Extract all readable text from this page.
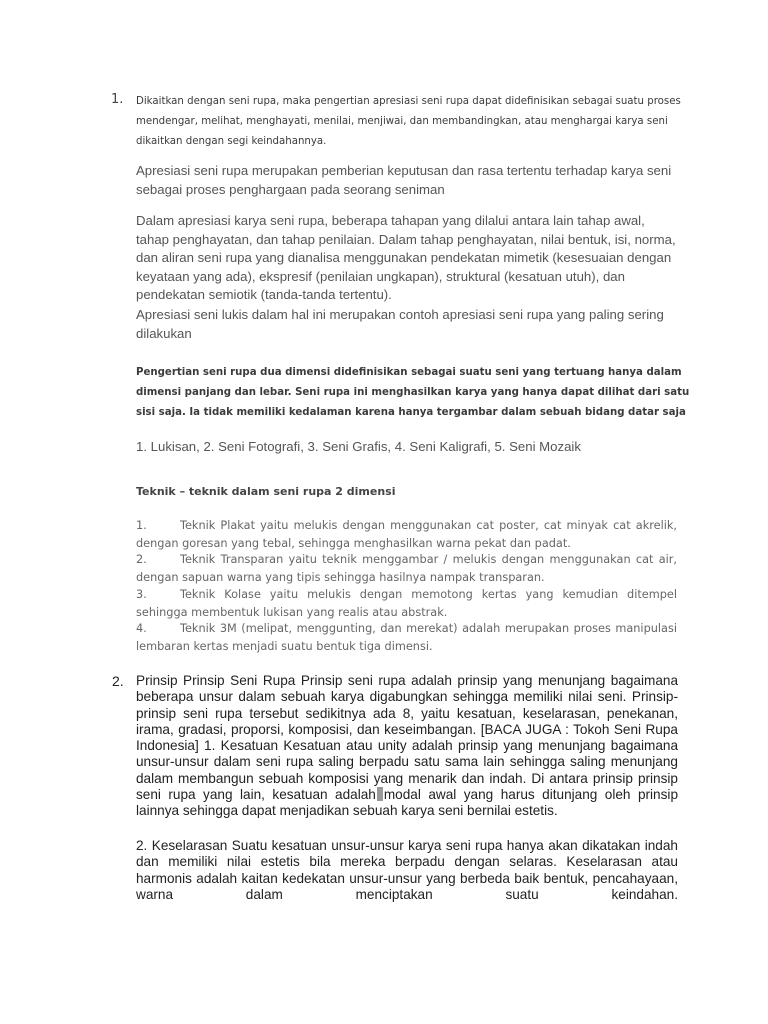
1. Dikaitkan dengan seni rupa, maka pengertian apresiasi seni rupa dapat didefinisikan sebagai suatu proses mendengar, melihat, menghayati, menilai, menjiwai, dan membandingkan, atau menghargai karya seni dikaitkan dengan segi keindahannya.
Apresiasi seni rupa merupakan pemberian keputusan dan rasa tertentu terhadap karya seni sebagai proses penghargaan pada seorang seniman
Dalam apresiasi karya seni rupa, beberapa tahapan yang dilalui antara lain tahap awal, tahap penghayatan, dan tahap penilaian. Dalam tahap penghayatan, nilai bentuk, isi, norma, dan aliran seni rupa yang dianalisa menggunakan pendekatan mimetik (kesesuaian dengan keyataan yang ada), ekspresif (penilaian ungkapan), struktural (kesatuan utuh), dan pendekatan semiotik (tanda-tanda tertentu).
Apresiasi seni lukis dalam hal ini merupakan contoh apresiasi seni rupa yang paling sering dilakukan
Pengertian seni rupa dua dimensi didefinisikan sebagai suatu seni yang tertuang hanya dalam dimensi panjang dan lebar. Seni rupa ini menghasilkan karya yang hanya dapat dilihat dari satu sisi saja. Ia tidak memiliki kedalaman karena hanya tergambar dalam sebuah bidang datar saja
1. Lukisan, 2. Seni Fotografi, 3. Seni Grafis, 4. Seni Kaligrafi, 5. Seni Mozaik
Teknik – teknik dalam seni rupa 2 dimensi
1.	Teknik Plakat yaitu melukis dengan menggunakan cat poster, cat minyak cat akrelik, dengan goresan yang tebal, sehingga menghasilkan warna pekat dan padat.
2.	Teknik Transparan yaitu teknik menggambar / melukis dengan menggunakan cat air, dengan sapuan warna yang tipis sehingga hasilnya nampak transparan.
3.	Teknik Kolase yaitu melukis dengan memotong kertas yang kemudian ditempel sehingga membentuk lukisan yang realis atau abstrak.
4.	Teknik 3M (melipat, menggunting, dan merekat) adalah merupakan proses manipulasi lembaran kertas menjadi suatu bentuk tiga dimensi.
2. Prinsip Prinsip Seni Rupa Prinsip seni rupa adalah prinsip yang menunjang bagaimana beberapa unsur dalam sebuah karya digabungkan sehingga memiliki nilai seni. Prinsip-prinsip seni rupa tersebut sedikitnya ada 8, yaitu kesatuan, keselarasan, penekanan, irama, gradasi, proporsi, komposisi, dan keseimbangan. [BACA JUGA : Tokoh Seni Rupa Indonesia] 1. Kesatuan Kesatuan atau unity adalah prinsip yang menunjang bagaimana unsur-unsur dalam seni rupa saling berpadu satu sama lain sehingga saling menunjang dalam membangun sebuah komposisi yang menarik dan indah. Di antara prinsip prinsip seni rupa yang lain, kesatuan adalah modal awal yang harus ditunjang oleh prinsip lainnya sehingga dapat menjadikan sebuah karya seni bernilai estetis.
2. Keselarasan Suatu kesatuan unsur-unsur karya seni rupa hanya akan dikatakan indah dan memiliki nilai estetis bila mereka berpadu dengan selaras. Keselarasan atau harmonis adalah kaitan kedekatan unsur-unsur yang berbeda baik bentuk, pencahayaan, warna dalam menciptakan suatu keindahan.
